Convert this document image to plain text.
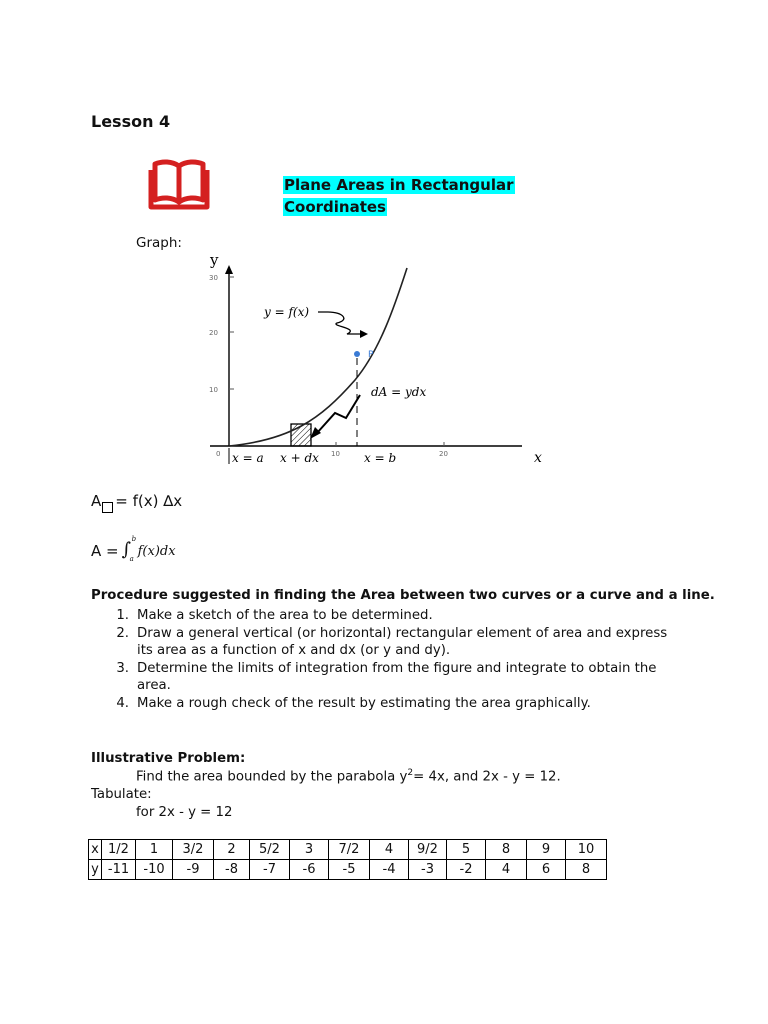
Lesson 4
Plane Areas in Rectangular
Coordinates
Graph:
y
x
30
20
10
0	10	20
P
y = f(x)
dA = ydx
x = a x + dx	x = b
A = f(x) ∆x
A = ∫ b
a
f(x)dx
Procedure suggested in finding the Area between two curves or a curve and a line.
1. Make a sketch of the area to be determined.
2. Draw a general vertical (or horizontal) rectangular element of area and express
its area as a function of x and dx (or y and dy).
3. Determine the limits of integration from the figure and integrate to obtain the
area.
4. Make a rough check of the result by estimating the area graphically.
Illustrative Problem:
Find the area bounded by the parabola $y^2= 4x$, and 2x - y = 12.
Tabulate:
for 2x - y = 12
x	1/2	1	3/2	2	5/2	3	7/2	4	9/2	5	8	9	10
y	-11	-10	-9	-8	-7	-6	-5	-4	-3	-2	4	6	8
